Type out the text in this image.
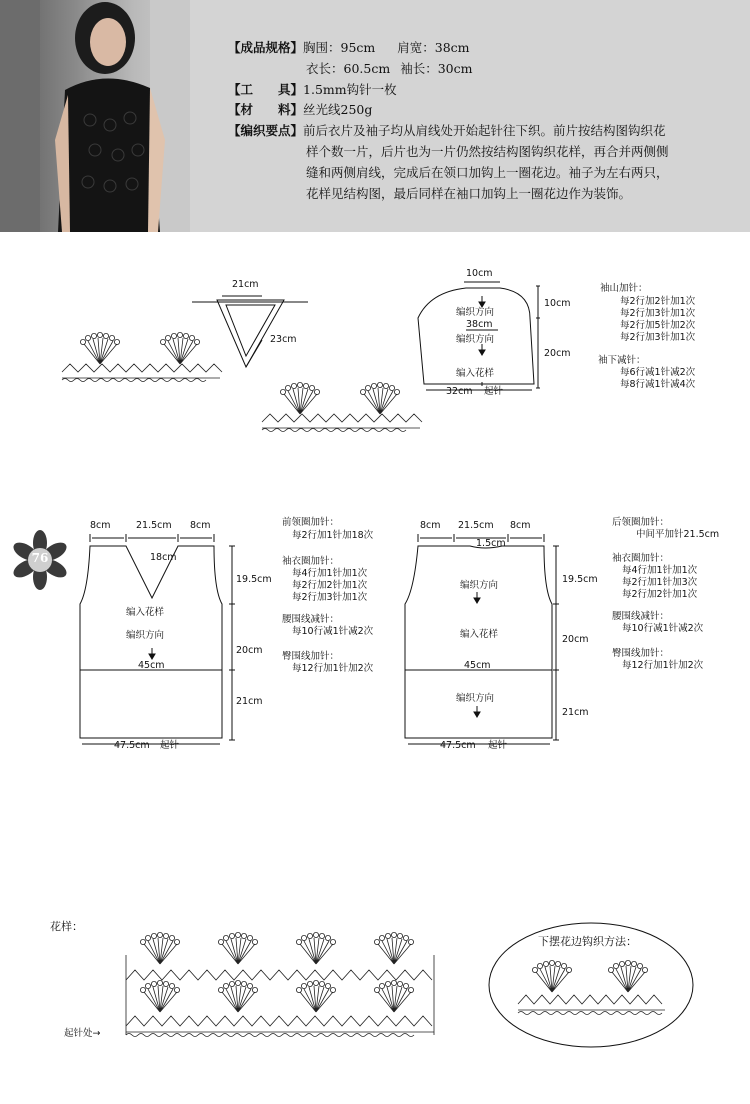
【成品规格】胸围：95cm 肩宽：38cm
衣长：60.5cm 袖长：30cm
【工　　具】1.5mm钩针一枚
【材　　料】丝光线250g
【编织要点】前后衣片及袖子均从肩线处开始起针往下织。前片按结构图钩织花
样个数一片，后片也为一片仍然按结构图钩织花样，再合并两侧侧
缝和两侧肩线，完成后在领口加钩上一圈花边。袖子为左右两只，
花样见结构图，最后同样在袖口加钩上一圈花边作为装饰。
21cm
23cm
10cm
10cm
编织方向
38cm
编织方向
20cm
编入花样
32cm 起针
袖山加针：
每2行加2针加1次
每2行加3针加1次
每2行加5针加2次
每2行加3针加1次
袖下减针：
每6行减1针减2次
每8行减1针减4次
76
8cm	21.5cm 8cm
18cm
19.5cm
编入花样
编织方向
20cm
45cm
21cm
47.5cm 起针
前领圈加针：
每2行加1针加18次
袖衣圈加针：
每4行加1针加1次
每2行加2针加1次
每2行加3针加1次
腰围线减针：
每10行减1针减2次
臀围线加针：
每12行加1针加2次
8cm 21.5cm 8cm
1.5cm
19.5cm
编织方向
编入花样	20cm
45cm
编织方向
21cm
47.5cm 起针
后领圈加针：
中间平加针21.5cm
袖衣圈加针：
每4行加1针加1次
每2行加1针加3次
每2行加2针加1次
腰围线减针：
每10行减1针减2次
臀围线加针：
每12行加1针加2次
花样：
起针处→
下摆花边钩织方法：
